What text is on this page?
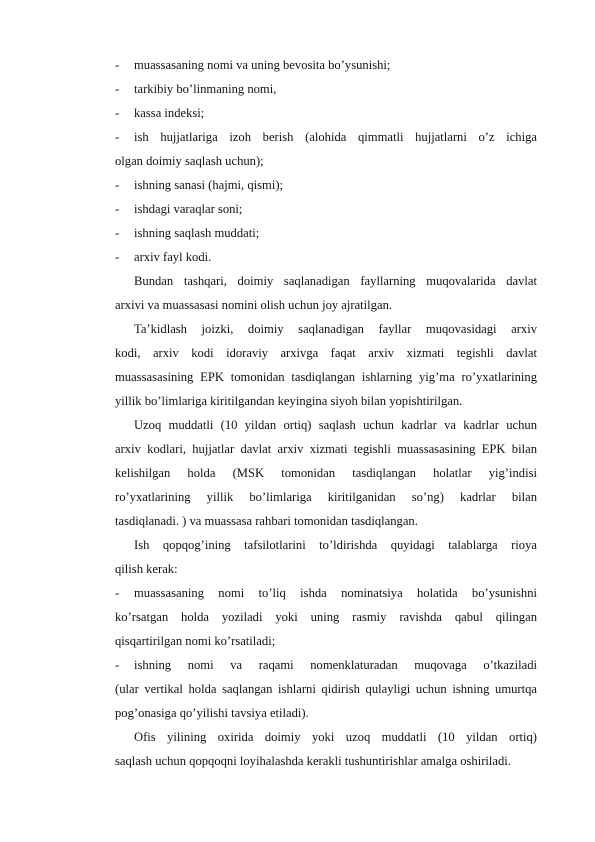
- muassasaning nomi va uning bevosita bo’ysunishi;
- tarkibiy bo’linmaning nomi,
- kassa indeksi;
- ish hujjatlariga izoh berish (alohida qimmatli hujjatlarni o’z ichiga
olgan doimiy saqlash uchun);
- ishning sanasi (hajmi, qismi);
- ishdagi varaqlar soni;
- ishning saqlash muddati;
- arxiv fayl kodi.
Bundan tashqari, doimiy saqlanadigan fayllarning muqovalarida davlat
arxivi va muassasasi nomini olish uchun joy ajratilgan.
Ta’kidlash joizki, doimiy saqlanadigan fayllar muqovasidagi arxiv
kodi, arxiv kodi idoraviy arxivga faqat arxiv xizmati tegishli davlat
muassasasining EPK tomonidan tasdiqlangan ishlarning yig’ma ro’yxatlarining
yillik bo’limlariga kiritilgandan keyingina siyoh bilan yopishtirilgan.
Uzoq muddatli (10 yildan ortiq) saqlash uchun kadrlar va kadrlar uchun
arxiv kodlari, hujjatlar davlat arxiv xizmati tegishli muassasasining EPK bilan
kelishilgan holda (MSK tomonidan tasdiqlangan holatlar yig’indisi
ro’yxatlarining yillik bo’limlariga kiritilganidan so’ng) kadrlar bilan
tasdiqlanadi. ) va muassasa rahbari tomonidan tasdiqlangan.
Ish qopqog’ining tafsilotlarini to’ldirishda quyidagi talablarga rioya
qilish kerak:
- muassasaning nomi to’liq ishda nominatsiya holatida bo’ysunishni
ko’rsatgan holda yoziladi yoki uning rasmiy ravishda qabul qilingan
qisqartirilgan nomi ko’rsatiladi;
- ishning nomi va raqami nomenklaturadan muqovaga o’tkaziladi
(ular vertikal holda saqlangan ishlarni qidirish qulayligi uchun ishning umurtqa
pog’onasiga qo’yilishi tavsiya etiladi).
Ofis yilining oxirida doimiy yoki uzoq muddatli (10 yildan ortiq)
saqlash uchun qopqoqni loyihalashda kerakli tushuntirishlar amalga oshiriladi.
